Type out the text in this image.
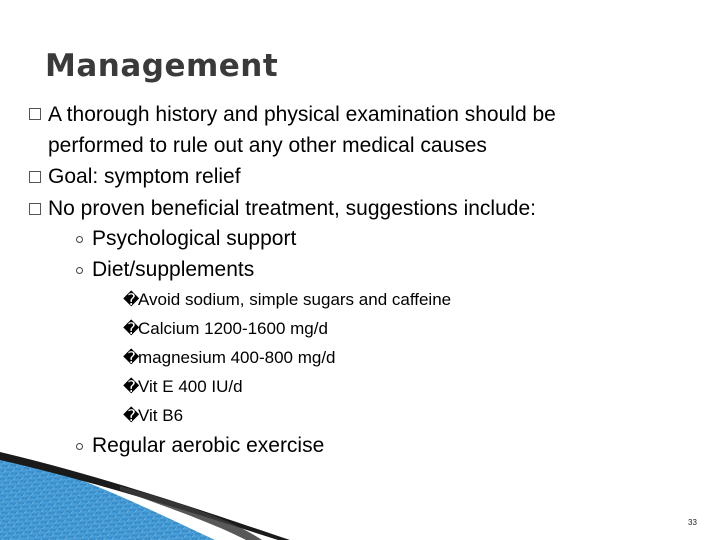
Management
A thorough history and physical examination should be
performed to rule out any other medical causes
Goal: symptom relief
No proven beneficial treatment, suggestions include:
Psychological support
Diet/supplements
�
Avoid sodium, simple sugars and caffeine
�
Calcium 1200-1600 mg/d
�
magnesium 400-800 mg/d
�
Vit E 400 IU/d
�
Vit B6
Regular aerobic exercise
33
